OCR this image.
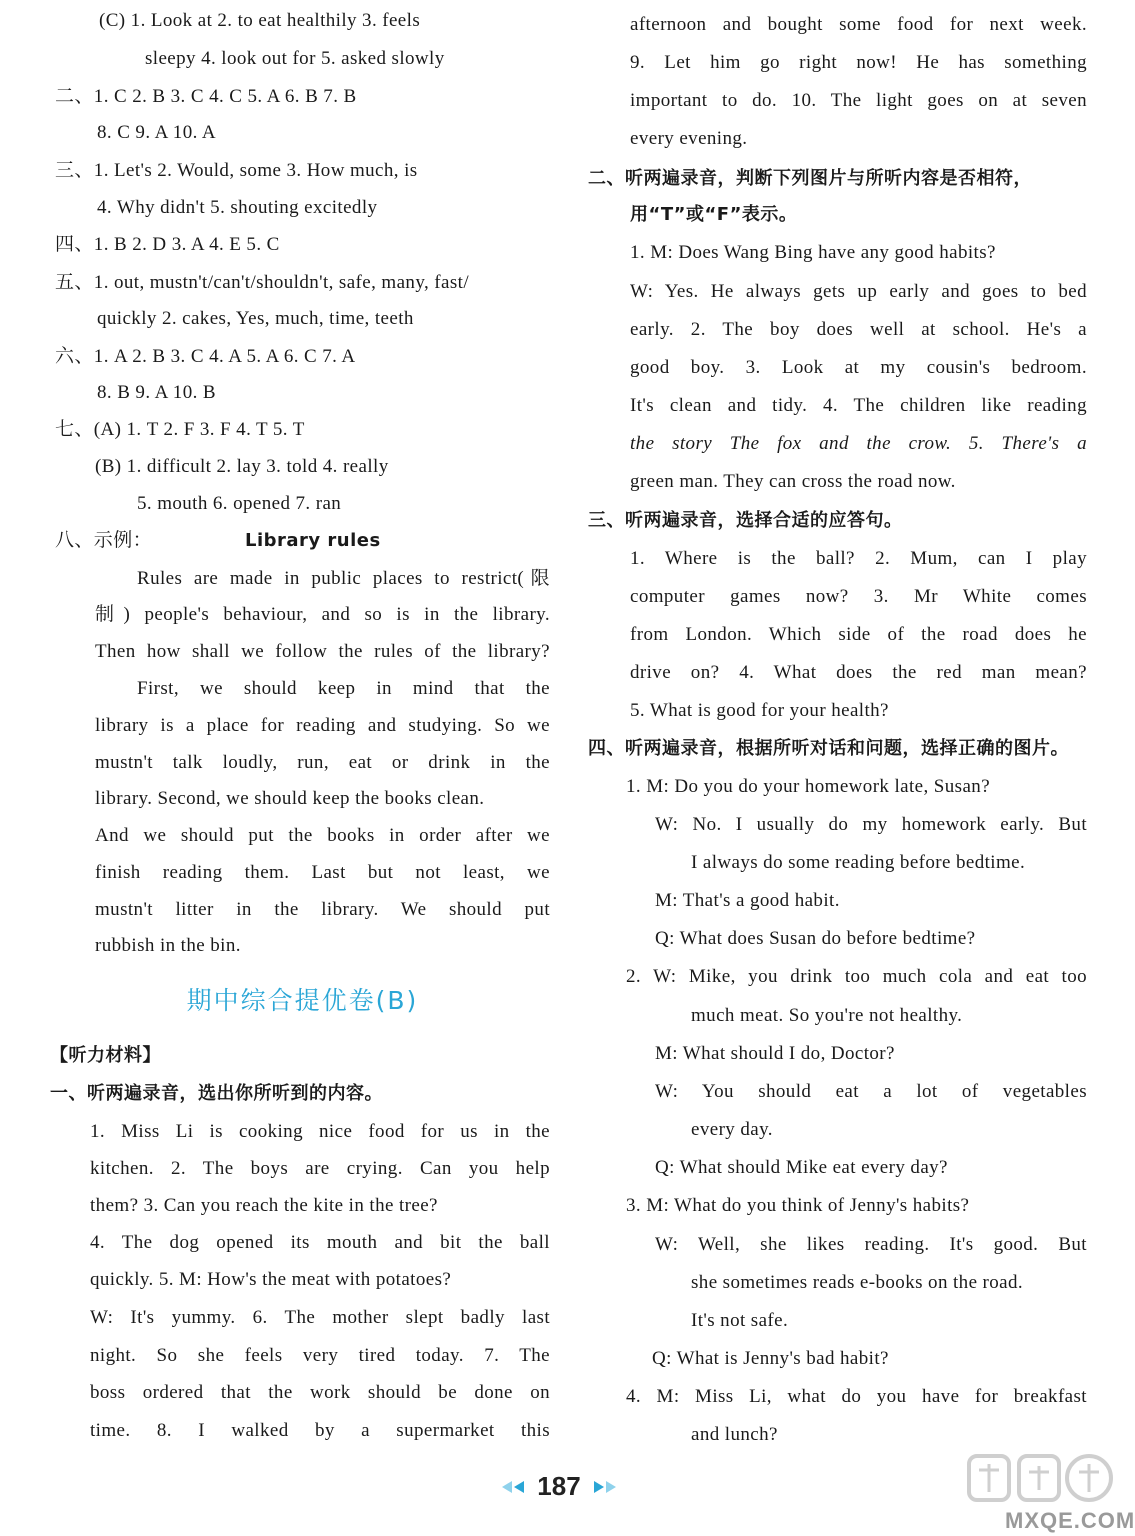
(C) 1. Look at 2. to eat healthily 3. feels
sleepy 4. look out for 5. asked slowly
二、1. C 2. B 3. C 4. C 5. A 6. B 7. B
8. C 9. A 10. A
三、1. Let's 2. Would, some 3. How much, is
4. Why didn't 5. shouting excitedly
四、1. B 2. D 3. A 4. E 5. C
五、1. out, mustn't/can't/shouldn't, safe, many, fast/
quickly 2. cakes, Yes, much, time, teeth
六、1. A 2. B 3. C 4. A 5. A 6. C 7. A
8. B 9. A 10. B
七、(A) 1. T 2. F 3. F 4. T 5. T
(B) 1. difficult 2. lay 3. told 4. really
5. mouth 6. opened 7. ran
八、示例：	Library rules
Rules are made in public places to restrict(限
制) people's behaviour, and so is in the library.
Then how shall we follow the rules of the library?
First, we should keep in mind that the
library is a place for reading and studying. So we
mustn't talk loudly, run, eat or drink in the
library. Second, we should keep the books clean.
And we should put the books in order after we
finish reading them. Last but not least, we
mustn't litter in the library. We should put
rubbish in the bin.
期中综合提优卷(B)
【听力材料】
一、听两遍录音，选出你所听到的内容。
1. Miss Li is cooking nice food for us in the
kitchen. 2. The boys are crying. Can you help
them? 3. Can you reach the kite in the tree?
4. The dog opened its mouth and bit the ball
quickly. 5. M: How's the meat with potatoes?
W: It's yummy. 6. The mother slept badly last
night. So she feels very tired today. 7. The
boss ordered that the work should be done on
time. 8. I walked by a supermarket this
afternoon and bought some food for next week.
9. Let him go right now! He has something
important to do. 10. The light goes on at seven
every evening.
二、听两遍录音，判断下列图片与所听内容是否相符，
用“T”或“F”表示。
1. M: Does Wang Bing have any good habits?
W: Yes. He always gets up early and goes to bed
early. 2. The boy does well at school. He's a
good boy. 3. Look at my cousin's bedroom.
It's clean and tidy. 4. The children like reading
the story The fox and the crow. 5. There's a
green man. They can cross the road now.
三、听两遍录音，选择合适的应答句。
1. Where is the ball? 2. Mum, can I play
computer games now? 3. Mr White comes
from London. Which side of the road does he
drive on? 4. What does the red man mean?
5. What is good for your health?
四、听两遍录音，根据所听对话和问题，选择正确的图片。
1. M: Do you do your homework late, Susan?
W: No. I usually do my homework early. But
I always do some reading before bedtime.
M: That's a good habit.
Q: What does Susan do before bedtime?
2. W: Mike, you drink too much cola and eat too
much meat. So you're not healthy.
M: What should I do, Doctor?
W: You should eat a lot of vegetables
every day.
Q: What should Mike eat every day?
3. M: What do you think of Jenny's habits?
W: Well, she likes reading. It's good. But
she sometimes reads e-books on the road.
It's not safe.
Q: What is Jenny's bad habit?
4. M: Miss Li, what do you have for breakfast
and lunch?
187
MXQE.COM
